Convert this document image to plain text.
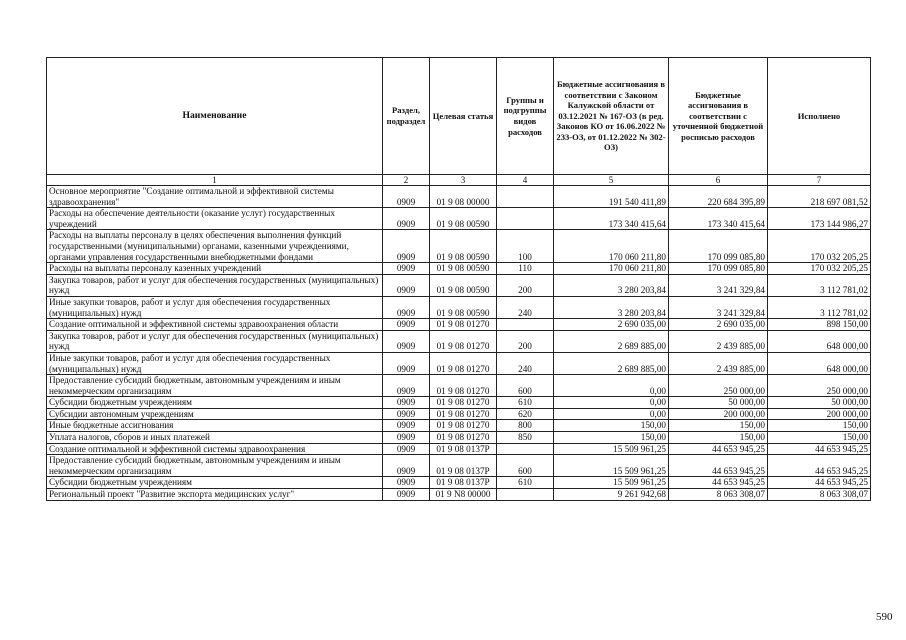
Наименование	Раздел, подраздел	Целевая статья	Группы и подгруппы видов расходов	Бюджетные ассигнования в соответствии с Законом Калужской области от 03.12.2021 № 167-ОЗ (в ред. Законов КО от 16.06.2022 № 233-ОЗ, от 01.12.2022 № 302-ОЗ)	Бюджетные ассигнования в соответствии с уточненной бюджетной росписью расходов	Исполнено
1	2	3	4	5	6	7
Основное мероприятие "Создание оптимальной и эффективной системы здравоохранения"	0909	01 9 08 00000		191 540 411,89	220 684 395,89	218 697 081,52
Расходы на обеспечение деятельности (оказание услуг) государственных учреждений	0909	01 9 08 00590		173 340 415,64	173 340 415,64	173 144 986,27
Расходы на выплаты персоналу в целях обеспечения выполнения функций государственными (муниципальными) органами, казенными учреждениями, органами управления государственными внебюджетными фондами	0909	01 9 08 00590	100	170 060 211,80	170 099 085,80	170 032 205,25
Расходы на выплаты персоналу казенных учреждений	0909	01 9 08 00590	110	170 060 211,80	170 099 085,80	170 032 205,25
Закупка товаров, работ и услуг для обеспечения государственных (муниципальных) нужд	0909	01 9 08 00590	200	3 280 203,84	3 241 329,84	3 112 781,02
Иные закупки товаров, работ и услуг для обеспечения государственных (муниципальных) нужд	0909	01 9 08 00590	240	3 280 203,84	3 241 329,84	3 112 781,02
Создание оптимальной и эффективной системы здравоохранения области	0909	01 9 08 01270		2 690 035,00	2 690 035,00	898 150,00
Закупка товаров, работ и услуг для обеспечения государственных (муниципальных) нужд	0909	01 9 08 01270	200	2 689 885,00	2 439 885,00	648 000,00
Иные закупки товаров, работ и услуг для обеспечения государственных (муниципальных) нужд	0909	01 9 08 01270	240	2 689 885,00	2 439 885,00	648 000,00
Предоставление субсидий бюджетным, автономным учреждениям и иным некоммерческим организациям	0909	01 9 08 01270	600	0,00	250 000,00	250 000,00
Субсидии бюджетным учреждениям	0909	01 9 08 01270	610	0,00	50 000,00	50 000,00
Субсидии автономным учреждениям	0909	01 9 08 01270	620	0,00	200 000,00	200 000,00
Иные бюджетные ассигнования	0909	01 9 08 01270	800	150,00	150,00	150,00
Уплата налогов, сборов и иных платежей	0909	01 9 08 01270	850	150,00	150,00	150,00
Создание оптимальной и эффективной системы здравоохранения	0909	01 9 08 0137Р		15 509 961,25	44 653 945,25	44 653 945,25
Предоставление субсидий бюджетным, автономным учреждениям и иным некоммерческим организациям	0909	01 9 08 0137Р	600	15 509 961,25	44 653 945,25	44 653 945,25
Субсидии бюджетным учреждениям	0909	01 9 08 0137Р	610	15 509 961,25	44 653 945,25	44 653 945,25
Региональный проект "Развитие экспорта медицинских услуг"	0909	01 9 N8 00000		9 261 942,68	8 063 308,07	8 063 308,07
590
